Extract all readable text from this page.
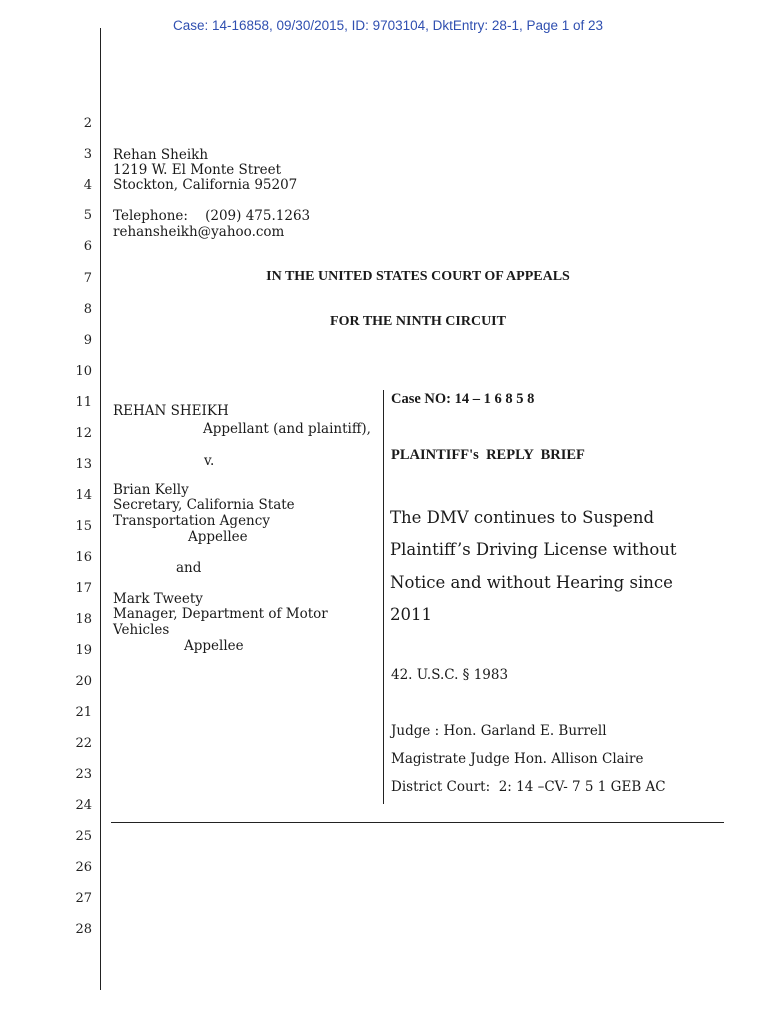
Case: 14-16858, 09/30/2015, ID: 9703104, DktEntry: 28-1, Page 1 of 23
2
3
4
5
6
7
8
9
10
11
12
13
14
15
16
17
18
19
20
21
22
23
24
25
26
27
28
Rehan Sheikh
1219 W. El Monte Street
Stockton, California 95207
Telephone:    (209) 475.1263
rehansheikh@yahoo.com
IN THE UNITED STATES COURT OF APPEALS
FOR THE NINTH CIRCUIT
REHAN SHEIKH
Appellant (and plaintiff),
v.
Brian Kelly
Secretary, California State
Transportation Agency
Appellee
and
Mark Tweety
Manager, Department of Motor
Vehicles
Appellee
Case NO: 14 – 1 6 8 5 8
PLAINTIFF's  REPLY  BRIEF
The DMV continues to Suspend
Plaintiff’s Driving License without
Notice and without Hearing since
2011
42. U.S.C. § 1983
Judge : Hon. Garland E. Burrell
Magistrate Judge Hon. Allison Claire
District Court:  2: 14 –CV- 7 5 1 GEB AC
